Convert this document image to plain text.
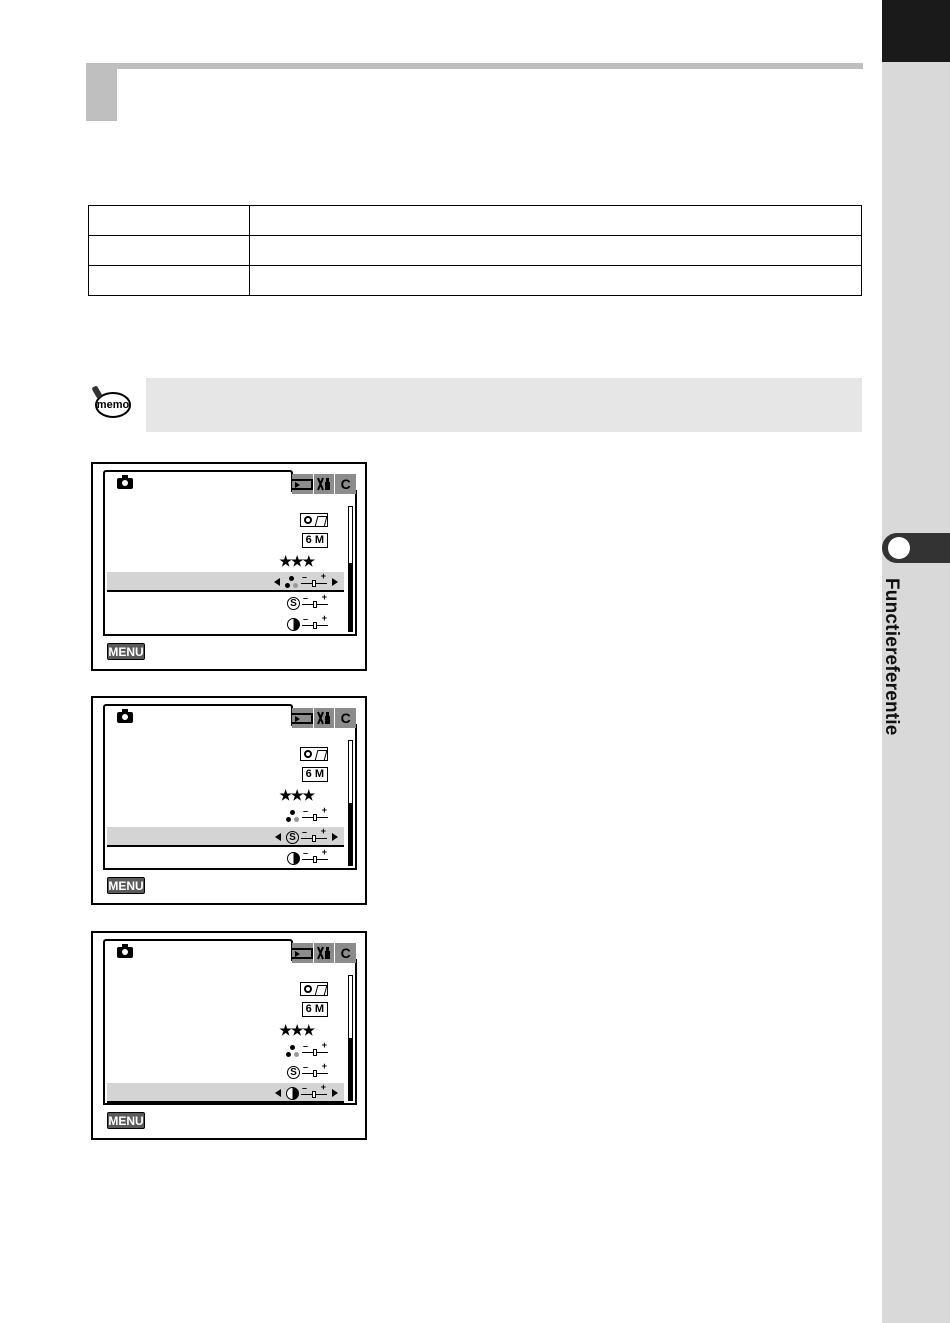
Functiereferentie

memo
C
MENU
6 M
★★★
– +
S – +
– +
C
MENU
6 M
★★★
– +
S – +
– +
C
MENU
6 M
★★★
– +
S – +
– +
